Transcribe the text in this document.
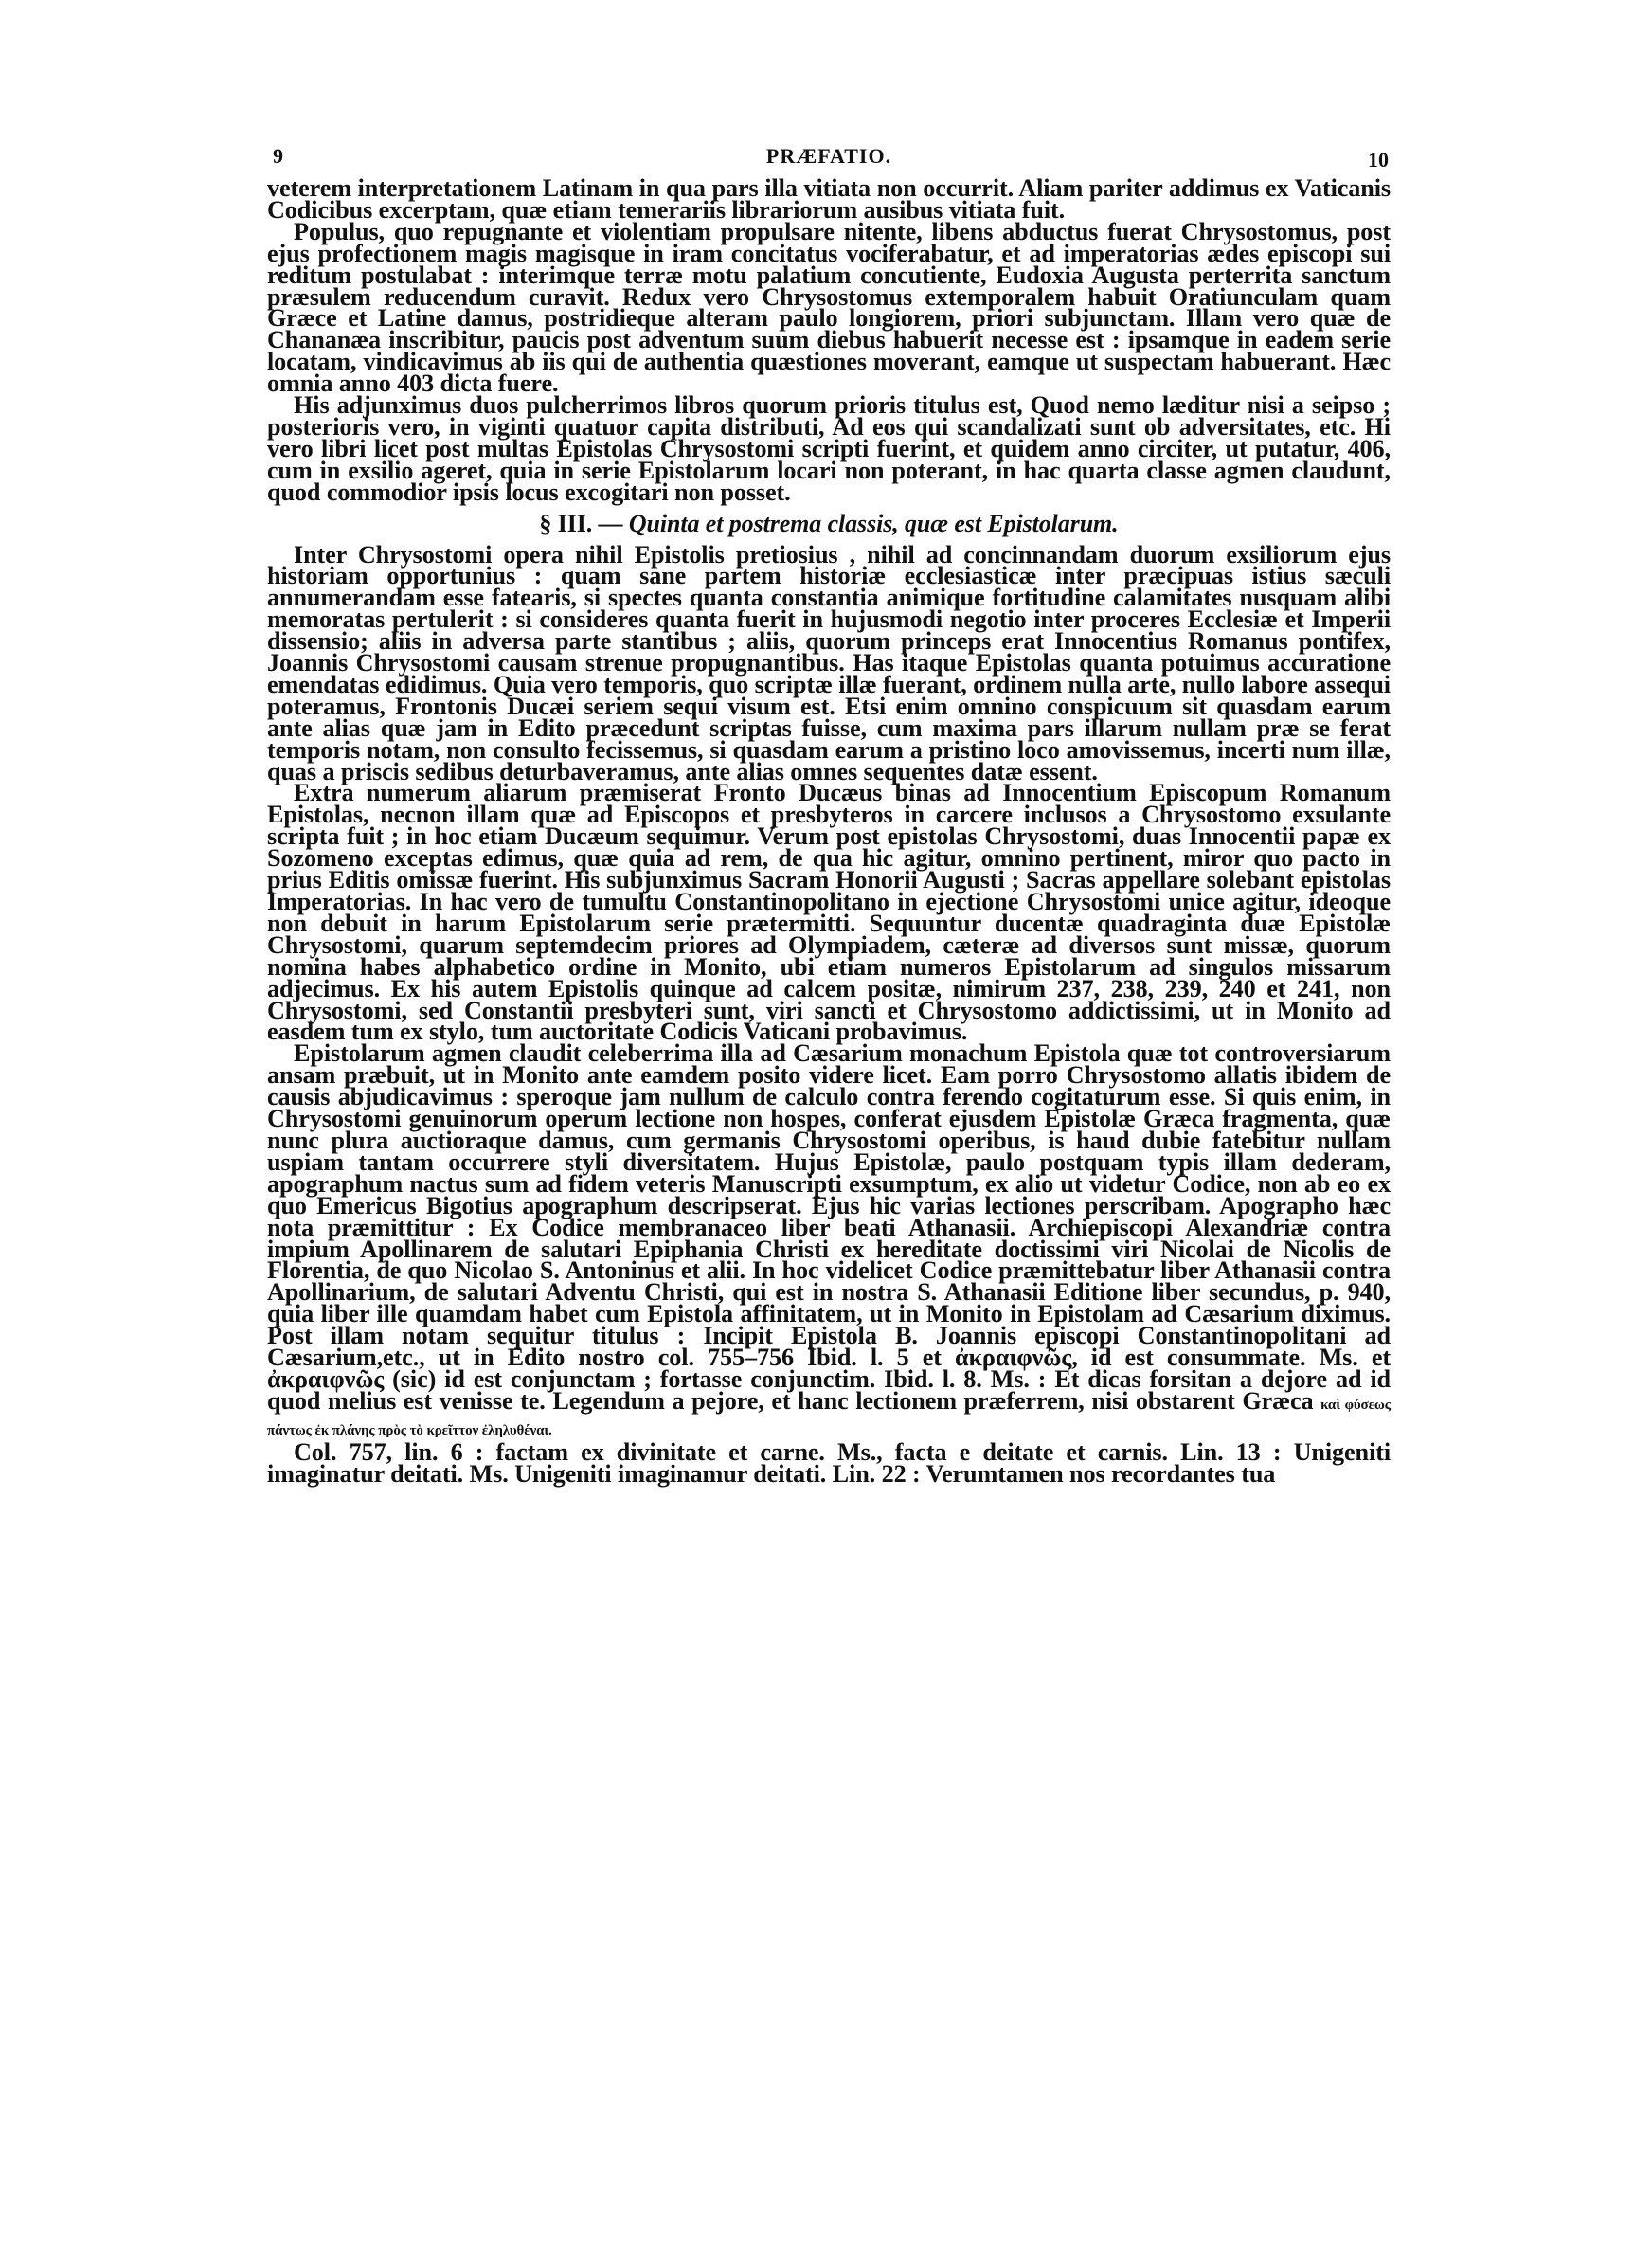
9	PRÆFATIO.	10

veterem interpretationem Latinam in qua pars illa vitiata non occurrit. Aliam pariter addimus ex Vaticanis Codicibus excerptam, quæ etiam temerariis librariorum ausibus vitiata fuit.

Populus, quo repugnante et violentiam propulsare nitente, libens abductus fuerat Chrysostomus, post ejus profectionem magis magisque in iram concitatus vociferabatur, et ad imperatorias ædes episcopi sui reditum postulabat : interimque terræ motu palatium concutiente, Eudoxia Augusta perterrita sanctum præsulem reducendum curavit. Redux vero Chrysostomus extemporalem habuit Oratiunculam quam Græce et Latine damus, postridieque alteram paulo longiorem, priori subjunctam. Illam vero quæ de Chananæa inscribitur, paucis post adventum suum diebus habuerit necesse est : ipsamque in eadem serie locatam, vindicavimus ab iis qui de authentia quæstiones moverant, eamque ut suspectam habuerant. Hæc omnia anno 403 dicta fuere.

His adjunximus duos pulcherrimos libros quorum prioris titulus est, Quod nemo læditur nisi a seipso ; posterioris vero, in viginti quatuor capita distributi, Ad eos qui scandalizati sunt ob adversitates, etc. Hi vero libri licet post multas Epistolas Chrysostomi scripti fuerint, et quidem anno circiter, ut putatur, 406, cum in exsilio ageret, quia in serie Epistolarum locari non poterant, in hac quarta classe agmen claudunt, quod commodior ipsis locus excogitari non posset.

§ III. — Quinta et postrema classis, quæ est Epistolarum.

Inter Chrysostomi opera nihil Epistolis pretiosius , nihil ad concinnandam duorum exsiliorum ejus historiam opportunius : quam sane partem historiæ ecclesiasticæ inter præcipuas istius sæculi annumerandam esse fatearis, si spectes quanta constantia animique fortitudine calamitates nusquam alibi memoratas pertulerit : si consideres quanta fuerit in hujusmodi negotio inter proceres Ecclesiæ et Imperii dissensio; aliis in adversa parte stantibus ; aliis, quorum princeps erat Innocentius Romanus pontifex, Joannis Chrysostomi causam strenue propugnantibus. Has itaque Epistolas quanta potuimus accuratione emendatas edidimus. Quia vero temporis, quo scriptæ illæ fuerant, ordinem nulla arte, nullo labore assequi poteramus, Frontonis Ducæi seriem sequi visum est. Etsi enim omnino conspicuum sit quasdam earum ante alias quæ jam in Edito præcedunt scriptas fuisse, cum maxima pars illarum nullam præ se ferat temporis notam, non consulto fecissemus, si quasdam earum a pristino loco amovissemus, incerti num illæ, quas a priscis sedibus deturbaveramus, ante alias omnes sequentes datæ essent.

Extra numerum aliarum præmiserat Fronto Ducæus binas ad Innocentium Episcopum Romanum Epistolas, necnon illam quæ ad Episcopos et presbyteros in carcere inclusos a Chrysostomo exsulante scripta fuit ; in hoc etiam Ducæum sequimur. Verum post epistolas Chrysostomi, duas Innocentii papæ ex Sozomeno exceptas edimus, quæ quia ad rem, de qua hic agitur, omnino pertinent, miror quo pacto in prius Editis omissæ fuerint. His subjunximus Sacram Honorii Augusti ; Sacras appellare solebant epistolas Imperatorias. In hac vero de tumultu Constantinopolitano in ejectione Chrysostomi unice agitur, ideoque non debuit in harum Epistolarum serie prætermitti. Sequuntur ducentæ quadraginta duæ Epistolæ Chrysostomi, quarum septemdecim priores ad Olympiadem, cæteræ ad diversos sunt missæ, quorum nomina habes alphabetico ordine in Monito, ubi etiam numeros Epistolarum ad singulos missarum adjecimus. Ex his autem Epistolis quinque ad calcem positæ, nimirum 237, 238, 239, 240 et 241, non Chrysostomi, sed Constantii presbyteri sunt, viri sancti et Chrysostomo addictissimi, ut in Monito ad easdem tum ex stylo, tum auctoritate Codicis Vaticani probavimus.

Epistolarum agmen claudit celeberrima illa ad Cæsarium monachum Epistola quæ tot controversiarum ansam præbuit, ut in Monito ante eamdem posito videre licet. Eam porro Chrysostomo allatis ibidem de causis abjudicavimus : speroque jam nullum de calculo contra ferendo cogitaturum esse. Si quis enim, in Chrysostomi genuinorum operum lectione non hospes, conferat ejusdem Epistolæ Græca fragmenta, quæ nunc plura auctioraque damus, cum germanis Chrysostomi operibus, is haud dubie fatebitur nullam uspiam tantam occurrere styli diversitatem. Hujus Epistolæ, paulo postquam typis illam dederam, apographum nactus sum ad fidem veteris Manuscripti exsumptum, ex alio ut videtur Codice, non ab eo ex quo Emericus Bigotius apographum descripserat. Ejus hic varias lectiones perscribam. Apographo hæc nota præmittitur : Ex Codice membranaceo liber beati Athanasii. Archiepiscopi Alexandriæ contra impium Apollinarem de salutari Epiphania Christi ex hereditate doctissimi viri Nicolai de Nicolis de Florentia, de quo Nicolao S. Antoninus et alii. In hoc videlicet Codice præmittebatur liber Athanasii contra Apollinarium, de salutari Adventu Christi, qui est in nostra S. Athanasii Editione liber secundus, p. 940, quia liber ille quamdam habet cum Epistola affinitatem, ut in Monito in Epistolam ad Cæsarium diximus. Post illam notam sequitur titulus : Incipit Epistola B. Joannis episcopi Constantinopolitani ad Cæsarium,etc., ut in Edito nostro col. 755–756 Ibid. l. 5 et ἀκραιφνῶς, id est consummate. Ms. et ἀκραιφνῶς (sic) id est conjunctam ; fortasse conjunctim. Ibid. l. 8. Ms. : Et dicas forsitan a dejore ad id quod melius est venisse te. Legendum a pejore, et hanc lectionem præferrem, nisi obstarent Græca καὶ φύσεως πάντως ἐκ πλάνης πρὸς τὸ κρεῖττον ἐληλυθέναι.

Col. 757, lin. 6 : factam ex divinitate et carne. Ms., facta e deitate et carnis. Lin. 13 : Unigeniti imaginatur deitati. Ms. Unigeniti imaginamur deitati. Lin. 22 : Verumtamen nos recordantes tua
